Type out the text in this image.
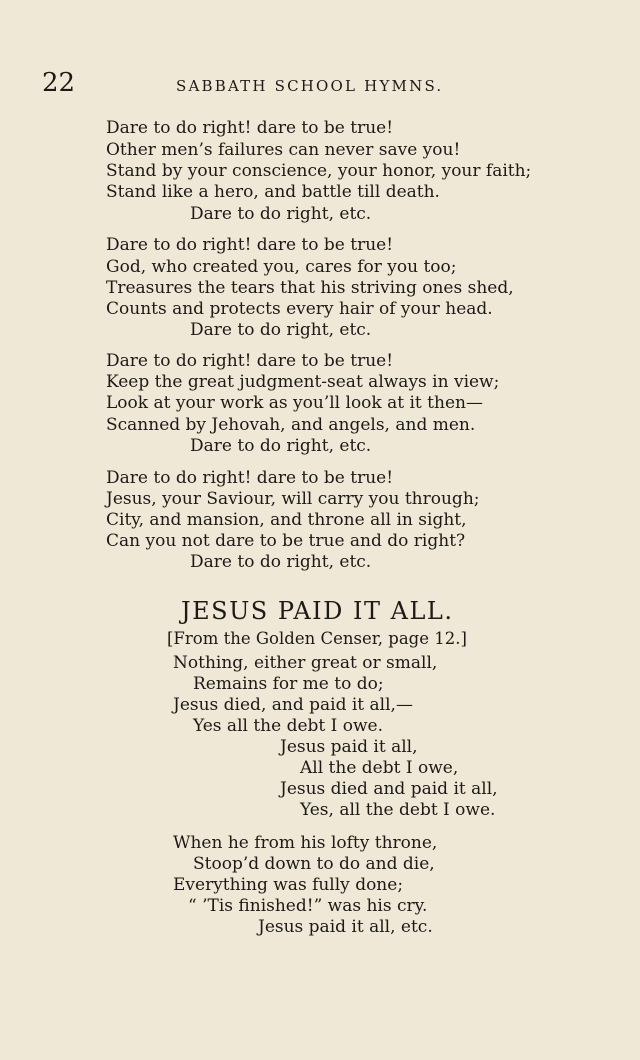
22	SABBATH SCHOOL HYMNS.
Dare to do right! dare to be true!
Other men’s failures can never save you!
Stand by your conscience, your honor, your faith;
Stand like a hero, and battle till death.
Dare to do right, etc.
Dare to do right! dare to be true!
God, who created you, cares for you too;
Treasures the tears that his striving ones shed,
Counts and protects every hair of your head.
Dare to do right, etc.
Dare to do right! dare to be true!
Keep the great judgment-seat always in view;
Look at your work as you’ll look at it then—
Scanned by Jehovah, and angels, and men.
Dare to do right, etc.
Dare to do right! dare to be true!
Jesus, your Saviour, will carry you through;
City, and mansion, and throne all in sight,
Can you not dare to be true and do right?
Dare to do right, etc.
JESUS PAID IT ALL.
[From the Golden Censer, page 12.]
Nothing, either great or small,
Remains for me to do;
Jesus died, and paid it all,—
Yes all the debt I owe.
Jesus paid it all,
All the debt I owe,
Jesus died and paid it all,
Yes, all the debt I owe.
When he from his lofty throne,
Stoop’d down to do and die,
Everything was fully done;
“ ’Tis finished!” was his cry.
Jesus paid it all, etc.
